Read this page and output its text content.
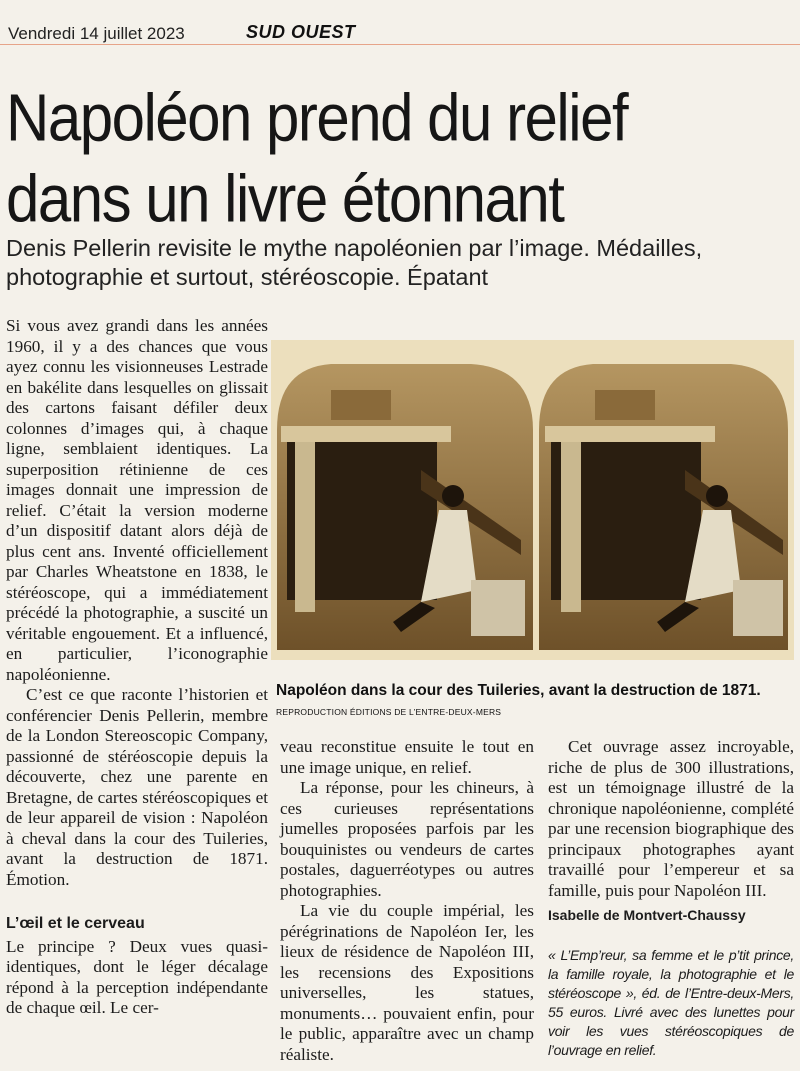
Vendredi 14 juillet 2023	SUD OUEST
Napoléon prend du relief
dans un livre étonnant

Denis Pellerin revisite le mythe napoléonien par l’image. Médailles, photographie et surtout, stéréoscopie. Épatant

Si vous avez grandi dans les années 1960, il y a des chances que vous ayez connu les visionneuses Lestrade en bakélite dans lesquelles on glissait des cartons faisant défiler deux colonnes d’images qui, à chaque ligne, semblaient identiques. La superposition rétinienne de ces images donnait une impression de relief. C’était la version moderne d’un dispositif datant alors déjà de plus cent ans. Inventé officiellement par Charles Wheatstone en 1838, le stéréoscope, qui a immédiatement précédé la photographie, a suscité un véritable engouement. Et a influencé, en particulier, l’iconographie napoléonienne.

C’est ce que raconte l’historien et conférencier Denis Pellerin, membre de la London Stereoscopic Company, passionné de stéréoscopie depuis la découverte, chez une parente en Bretagne, de cartes stéréoscopiques et de leur appareil de vision : Napoléon à cheval dans la cour des Tuileries, avant la destruction de 1871. Émotion.

L’œil et le cerveau

Le principe ? Deux vues quasi-identiques, dont le léger décalage répond à la perception indépendante de chaque œil. Le cer-

Napoléon dans la cour des Tuileries, avant la destruction de 1871. REPRODUCTION ÉDITIONS DE L’ENTRE-DEUX-MERS

veau reconstitue ensuite le tout en une image unique, en relief.

La réponse, pour les chineurs, à ces curieuses représentations jumelles proposées parfois par les bouquinistes ou vendeurs de cartes postales, daguerréotypes ou autres photographies.

La vie du couple impérial, les pérégrinations de Napoléon Ier, les lieux de résidence de Napoléon III, les recensions des Expositions universelles, les statues, monuments… pouvaient enfin, pour le public, apparaître avec un champ réaliste.

Cet ouvrage assez incroyable, riche de plus de 300 illustrations, est un témoignage illustré de la chronique napoléonienne, complété par une recension biographique des principaux photographes ayant travaillé pour l’empereur et sa famille, puis pour Napoléon III.

Isabelle de Montvert-Chaussy

« L’Emp’reur, sa femme et le p’tit prince, la famille royale, la photographie et le stéréoscope », éd. de l’Entre-deux-Mers, 55 euros. Livré avec des lunettes pour voir les vues stéréoscopiques de l’ouvrage en relief.
